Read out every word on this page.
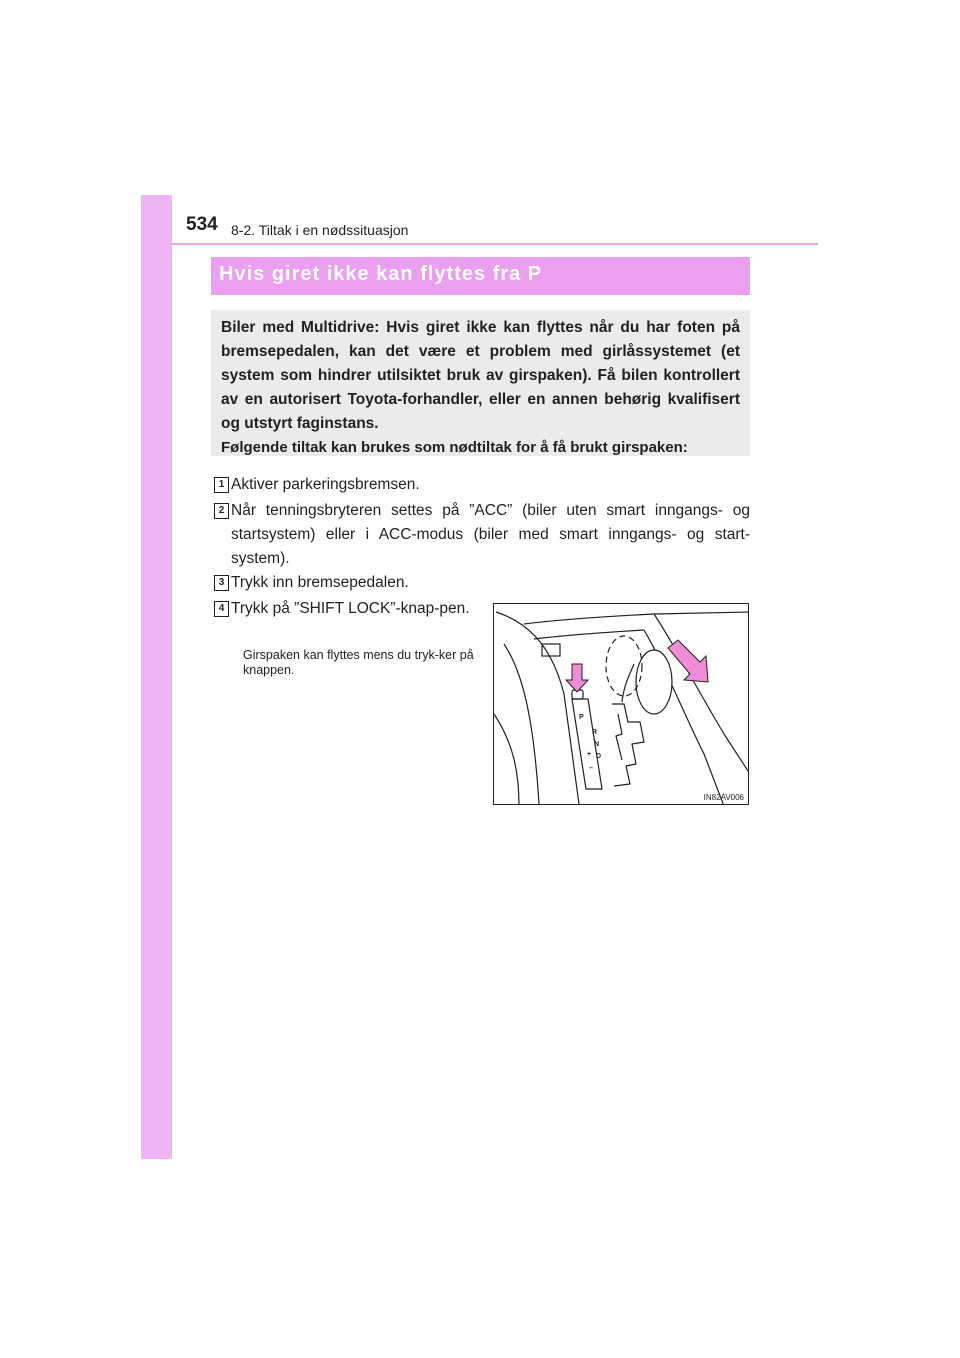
534 8-2. Tiltak i en nødssituasjon
Hvis giret ikke kan flyttes fra P

Biler med Multidrive: Hvis giret ikke kan flyttes når du har foten på bremsepedalen, kan det være et problem med girlåssystemet (et system som hindrer utilsiktet bruk av girspaken). Få bilen kontrollert av en autorisert Toyota-forhandler, eller en annen behørig kvalifisert og utstyrt faginstans.

Følgende tiltak kan brukes som nødtiltak for å få brukt girspaken:

1 Aktiver parkeringsbremsen.
2 Når tenningsbryteren settes på ”ACC” (biler uten smart inngangs- og startsystem) eller i ACC-modus (biler med smart inngangs- og start-system).
3 Trykk inn bremsepedalen.
4 Trykk på ”SHIFT LOCK”-knap-pen.
Girspaken kan flyttes mens du tryk-ker på knappen.
P
R
N
D
+
–
IN82AV006
